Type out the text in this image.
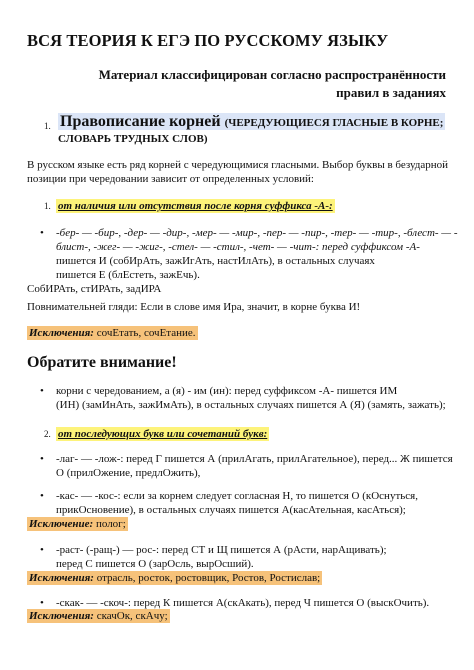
ВСЯ ТЕОРИЯ К ЕГЭ ПО РУССКОМУ ЯЗЫКУ
Материал классифицирован согласно распространённости
правил в заданиях
1. Правописание корней (ЧЕРЕДУЮЩИЕСЯ ГЛАСНЫЕ В КОРНЕ;
СЛОВАРЬ ТРУДНЫХ СЛОВ)
В русском языке есть ряд корней с чередующимися гласными. Выбор буквы в безударной
позиции при чередовании зависит от определенных условий:
1. от наличия или отсутствия после корня суффикса -А-:
•
-бер- — -бир-, -дер- — -дир-, -мер- — -мир-, -пер- — -пир-, -тер- — -тир-, -блест- — -
блист-, -жег- — -жиг-, -стел- — -стил-, -чет- — -чит-: перед суффиксом -А-
пишется И (собИрАть, зажИгАть, настИлАть), в остальных случаях
пишется Е (блЕстеть, зажЕчь).
СобИРАть, стИРАть, задИРА
Повнимательней гляди: Если в слове имя Ира, значит, в корне буква И!
Исключения: сочЕтать, сочЕтание.
Обратите внимание!
•
корни с чередованием, а (я) - им (ин): перед суффиксом -А- пишется ИМ
(ИН) (замИнАть, зажИмАть), в остальных случаях пишется А (Я) (замять, зажать);
2. от последующих букв или сочетаний букв:
•
-лаг- — -лож-: перед Г пишется А (прилАгать, прилАгательное), перед... Ж пишется
О (прилОжение, предлОжить),
•
-кас- — -кос-: если за корнем следует согласная Н, то пишется О (кОснуться,
прикОсновение), в остальных случаях пишется А(касАтельная, касАться);
Исключение: полог;
•
-раст- (-ращ-) — рос-: перед СТ и Щ пишется А (рАсти, нарАщивать);
перед С пишется О (зарОсль, вырОсший).
Исключения: отрасль, росток, ростовщик, Ростов, Ростислав;
•
-скак- — -скоч-: перед К пишется А(скАкать), перед Ч пишется О (выскОчить).
Исключения: скачОк, скАчу;
